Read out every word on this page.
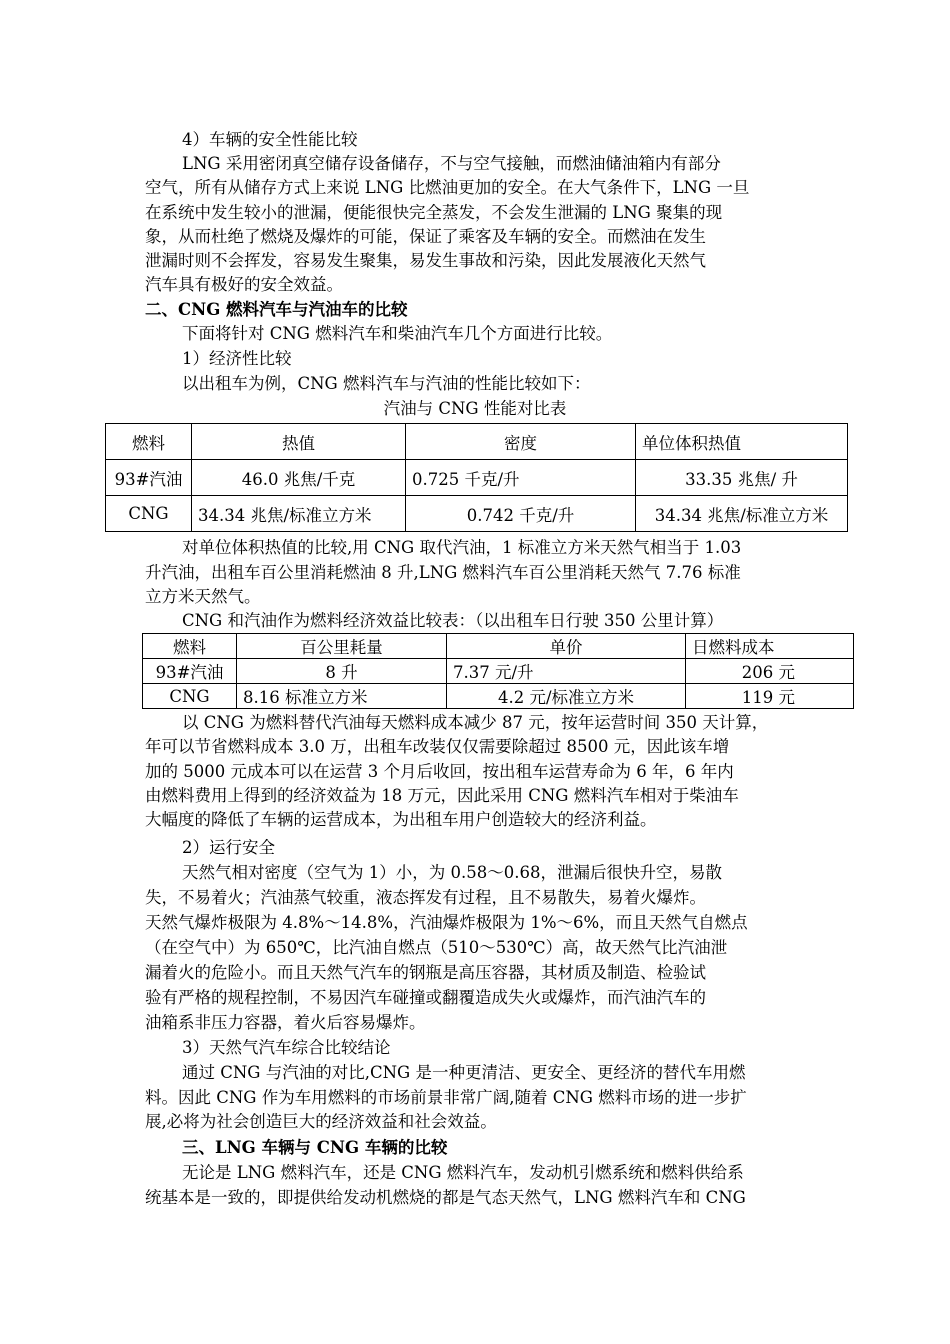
4）车辆的安全性能比较
LNG 采用密闭真空储存设备储存，不与空气接触，而燃油储油箱内有部分
空气，所有从储存方式上来说 LNG 比燃油更加的安全。在大气条件下，LNG 一旦
在系统中发生较小的泄漏，便能很快完全蒸发，不会发生泄漏的 LNG 聚集的现
象，从而杜绝了燃烧及爆炸的可能，保证了乘客及车辆的安全。而燃油在发生
泄漏时则不会挥发，容易发生聚集，易发生事故和污染，因此发展液化天然气
汽车具有极好的安全效益。
二、CNG 燃料汽车与汽油车的比较
下面将针对 CNG 燃料汽车和柴油汽车几个方面进行比较。
1）经济性比较
以出租车为例，CNG 燃料汽车与汽油的性能比较如下：
汽油与 CNG 性能对比表
燃料	热值	密度	单位体积热值
93#汽油	46.0 兆焦/千克	0.725 千克/升	33.35 兆焦/ 升
CNG	34.34 兆焦/标准立方米	0.742 千克/升	34.34 兆焦/标准立方米
对单位体积热值的比较,用 CNG 取代汽油，1 标准立方米天然气相当于 1.03
升汽油，出租车百公里消耗燃油 8 升,LNG 燃料汽车百公里消耗天然气 7.76 标准
立方米天然气。
CNG 和汽油作为燃料经济效益比较表：（以出租车日行驶 350 公里计算）
燃料	百公里耗量	单价	日燃料成本
93#汽油	8 升	7.37 元/升	206 元
CNG	8.16 标准立方米	4.2 元/标准立方米	119 元
以 CNG 为燃料替代汽油每天燃料成本减少 87 元，按年运营时间 350 天计算，
年可以节省燃料成本 3.0 万，出租车改装仅仅需要除超过 8500 元，因此该车增
加的 5000 元成本可以在运营 3 个月后收回，按出租车运营寿命为 6 年，6 年内
由燃料费用上得到的经济效益为 18 万元，因此采用 CNG 燃料汽车相对于柴油车
大幅度的降低了车辆的运营成本，为出租车用户创造较大的经济利益。
2）运行安全
天然气相对密度（空气为 1）小，为 0.58～0.68，泄漏后很快升空，易散
失，不易着火；汽油蒸气较重，液态挥发有过程，且不易散失，易着火爆炸。
天然气爆炸极限为 4.8%～14.8%，汽油爆炸极限为 1%～6%，而且天然气自燃点
（在空气中）为 650℃，比汽油自燃点（510～530℃）高，故天然气比汽油泄
漏着火的危险小。而且天然气汽车的钢瓶是高压容器，其材质及制造、检验试
验有严格的规程控制，不易因汽车碰撞或翻覆造成失火或爆炸，而汽油汽车的
油箱系非压力容器，着火后容易爆炸。
3）天然气汽车综合比较结论
通过 CNG 与汽油的对比,CNG 是一种更清洁、更安全、更经济的替代车用燃
料。因此 CNG 作为车用燃料的市场前景非常广阔,随着 CNG 燃料市场的进一步扩
展,必将为社会创造巨大的经济效益和社会效益。
三、LNG 车辆与 CNG 车辆的比较
无论是 LNG 燃料汽车，还是 CNG 燃料汽车，发动机引燃系统和燃料供给系
统基本是一致的，即提供给发动机燃烧的都是气态天然气，LNG 燃料汽车和 CNG
